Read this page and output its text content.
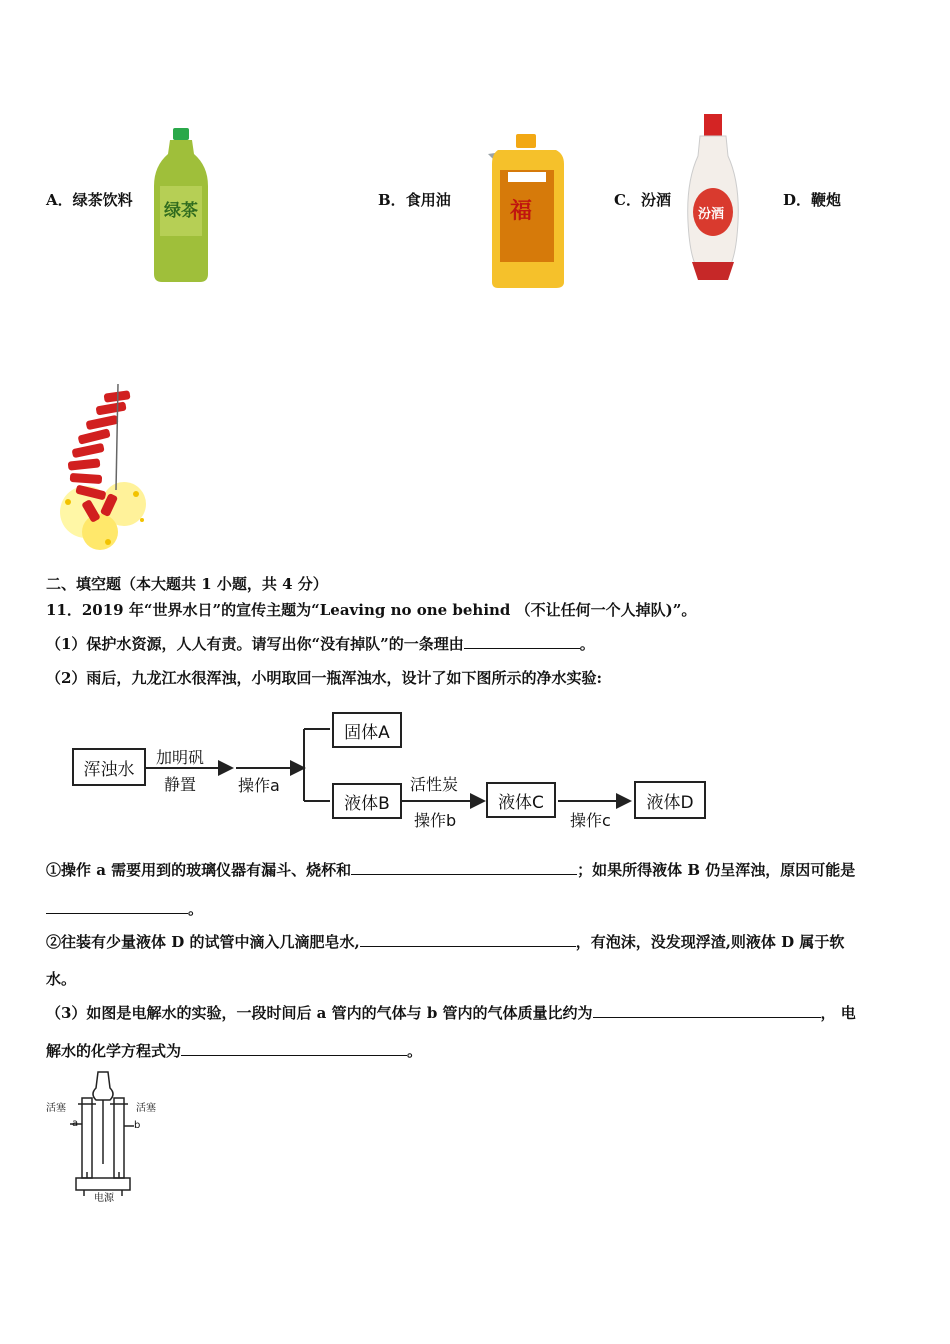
A．绿茶饮料	B．食用油	C．汾酒	D．鞭炮
绿茶	福	汾酒
二、填空题（本大题共 1 小题，共 4 分）
11．2019 年“世界水日”的宣传主题为“Leaving no one behind （不让任何一个人掉队)”。
（1）保护水资源，人人有责。请写出你“没有掉队”的一条理由	。
（2）雨后，九龙江水很浑浊，小明取回一瓶浑浊水，设计了如下图所示的净水实验:
浑浊水
加明矾
静置	操作a
固体A
液体B
活性炭
操作b
液体C
操作c
液体D
①操作 a 需要用到的玻璃仪器有漏斗、烧杯和	；如果所得液体 B 仍呈浑浊，原因可能是
。
②往装有少量液体 D 的试管中滴入几滴肥皂水,	，有泡沫，没发现浮渣,则液体 D 属于软
水。
（3）如图是电解水的实验，一段时间后 a 管内的气体与 b 管内的气体质量比约为	， 电
解水的化学方程式为	。
活塞	活塞
a	b
电源
